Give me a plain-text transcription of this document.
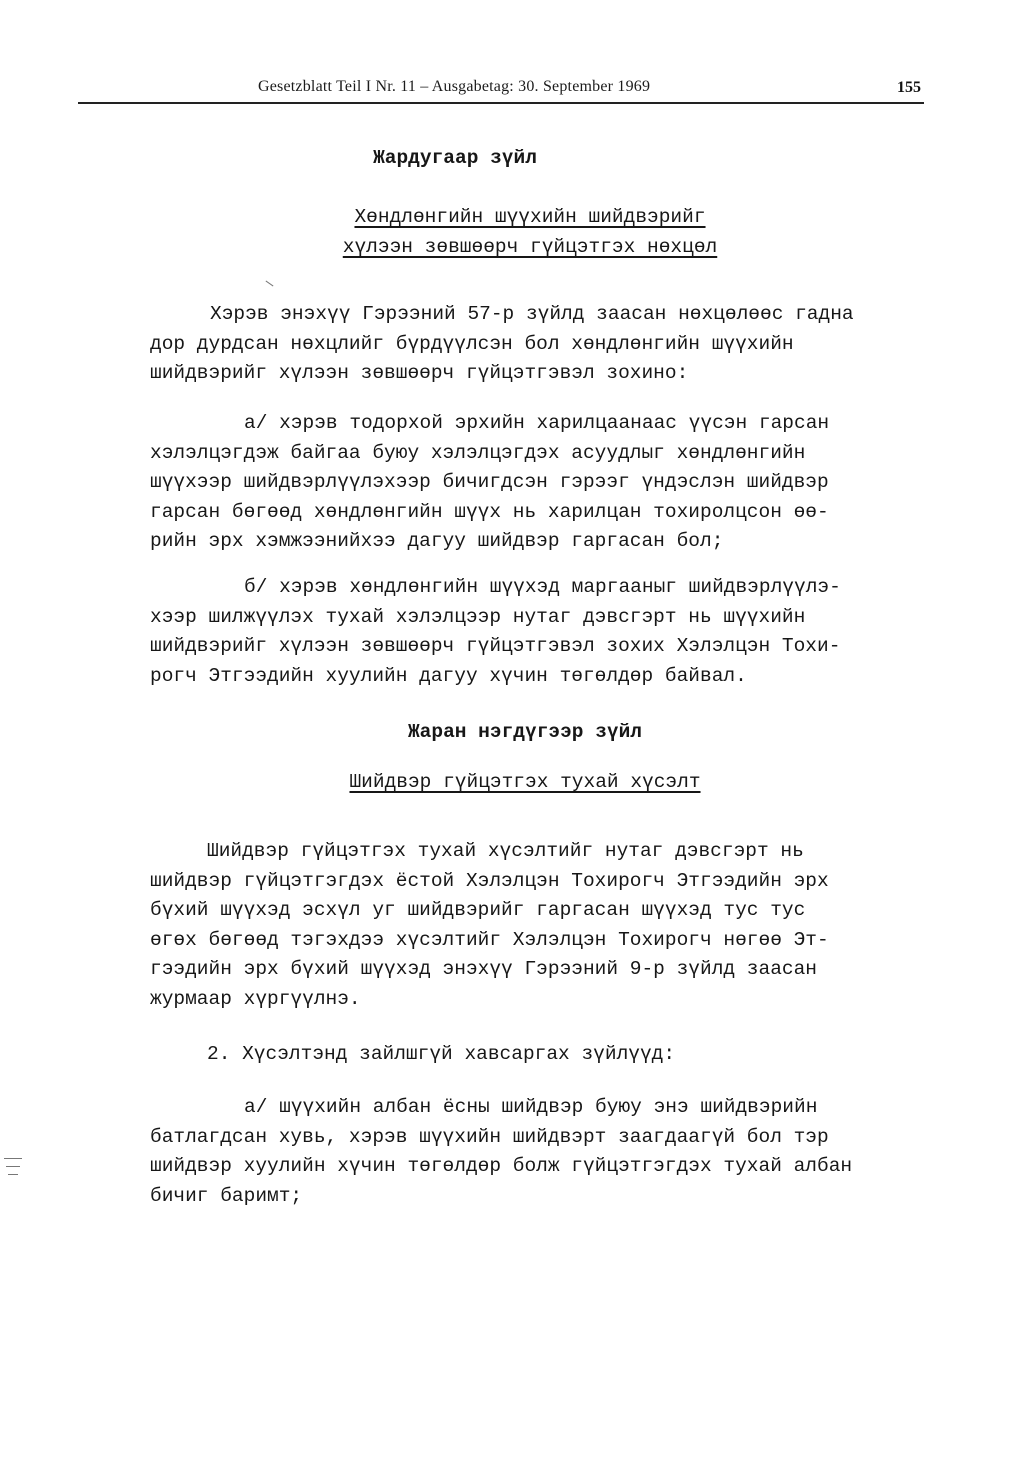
Gesetzblatt Teil I Nr. 11 – Ausgabetag: 30. September 1969	155
Жардугаар зүйл
Хөндлөнгийн шүүхийн шийдвэрийг
хүлээн зөвшөөрч гүйцэтгэх нөхцөл
Хэрэв энэхүү Гэрээний 57-р зүйлд заасан нөхцөлөөс гадна
дор дурдсан нөхцлийг бүрдүүлсэн бол хөндлөнгийн шүүхийн
шийдвэрийг хүлээн зөвшөөрч гүйцэтгэвэл зохино:
а/ хэрэв тодорхой эрхийн харилцаанаас үүсэн гарсан
хэлэлцэгдэж байгаа буюу хэлэлцэгдэх асуудлыг хөндлөнгийн
шүүхээр шийдвэрлүүлэхээр бичигдсэн гэрээг үндэслэн шийдвэр
гарсан бөгөөд хөндлөнгийн шүүх нь харилцан тохиролцсон өө-
рийн эрх хэмжээнийхээ дагуу шийдвэр гаргасан бол;
б/ хэрэв хөндлөнгийн шүүхэд маргааныг шийдвэрлүүлэ-
хээр шилжүүлэх тухай хэлэлцээр нутаг дэвсгэрт нь шүүхийн
шийдвэрийг хүлээн зөвшөөрч гүйцэтгэвэл зохих Хэлэлцэн Тохи-
рогч Этгээдийн хуулийн дагуу хүчин төгөлдөр байвал.
Жаран нэгдүгээр зүйл
Шийдвэр гүйцэтгэх тухай хүсэлт
Шийдвэр гүйцэтгэх тухай хүсэлтийг нутаг дэвсгэрт нь
шийдвэр гүйцэтгэгдэх ёстой Хэлэлцэн Тохирогч Этгээдийн эрх
бүхий шүүхэд эсхүл уг шийдвэрийг гаргасан шүүхэд тус тус
өгөх бөгөөд тэгэхдээ хүсэлтийг Хэлэлцэн Тохирогч нөгөө Эт-
гээдийн эрх бүхий шүүхэд энэхүү Гэрээний 9-р зүйлд заасан
журмаар хүргүүлнэ.
2. Хүсэлтэнд зайлшгүй хавсаргах зүйлүүд:
а/ шүүхийн албан ёсны шийдвэр буюу энэ шийдвэрийн
батлагдсан хувь, хэрэв шүүхийн шийдвэрт заагдаагүй бол тэр
шийдвэр хуулийн хүчин төгөлдөр болж гүйцэтгэгдэх тухай албан
бичиг баримт;
